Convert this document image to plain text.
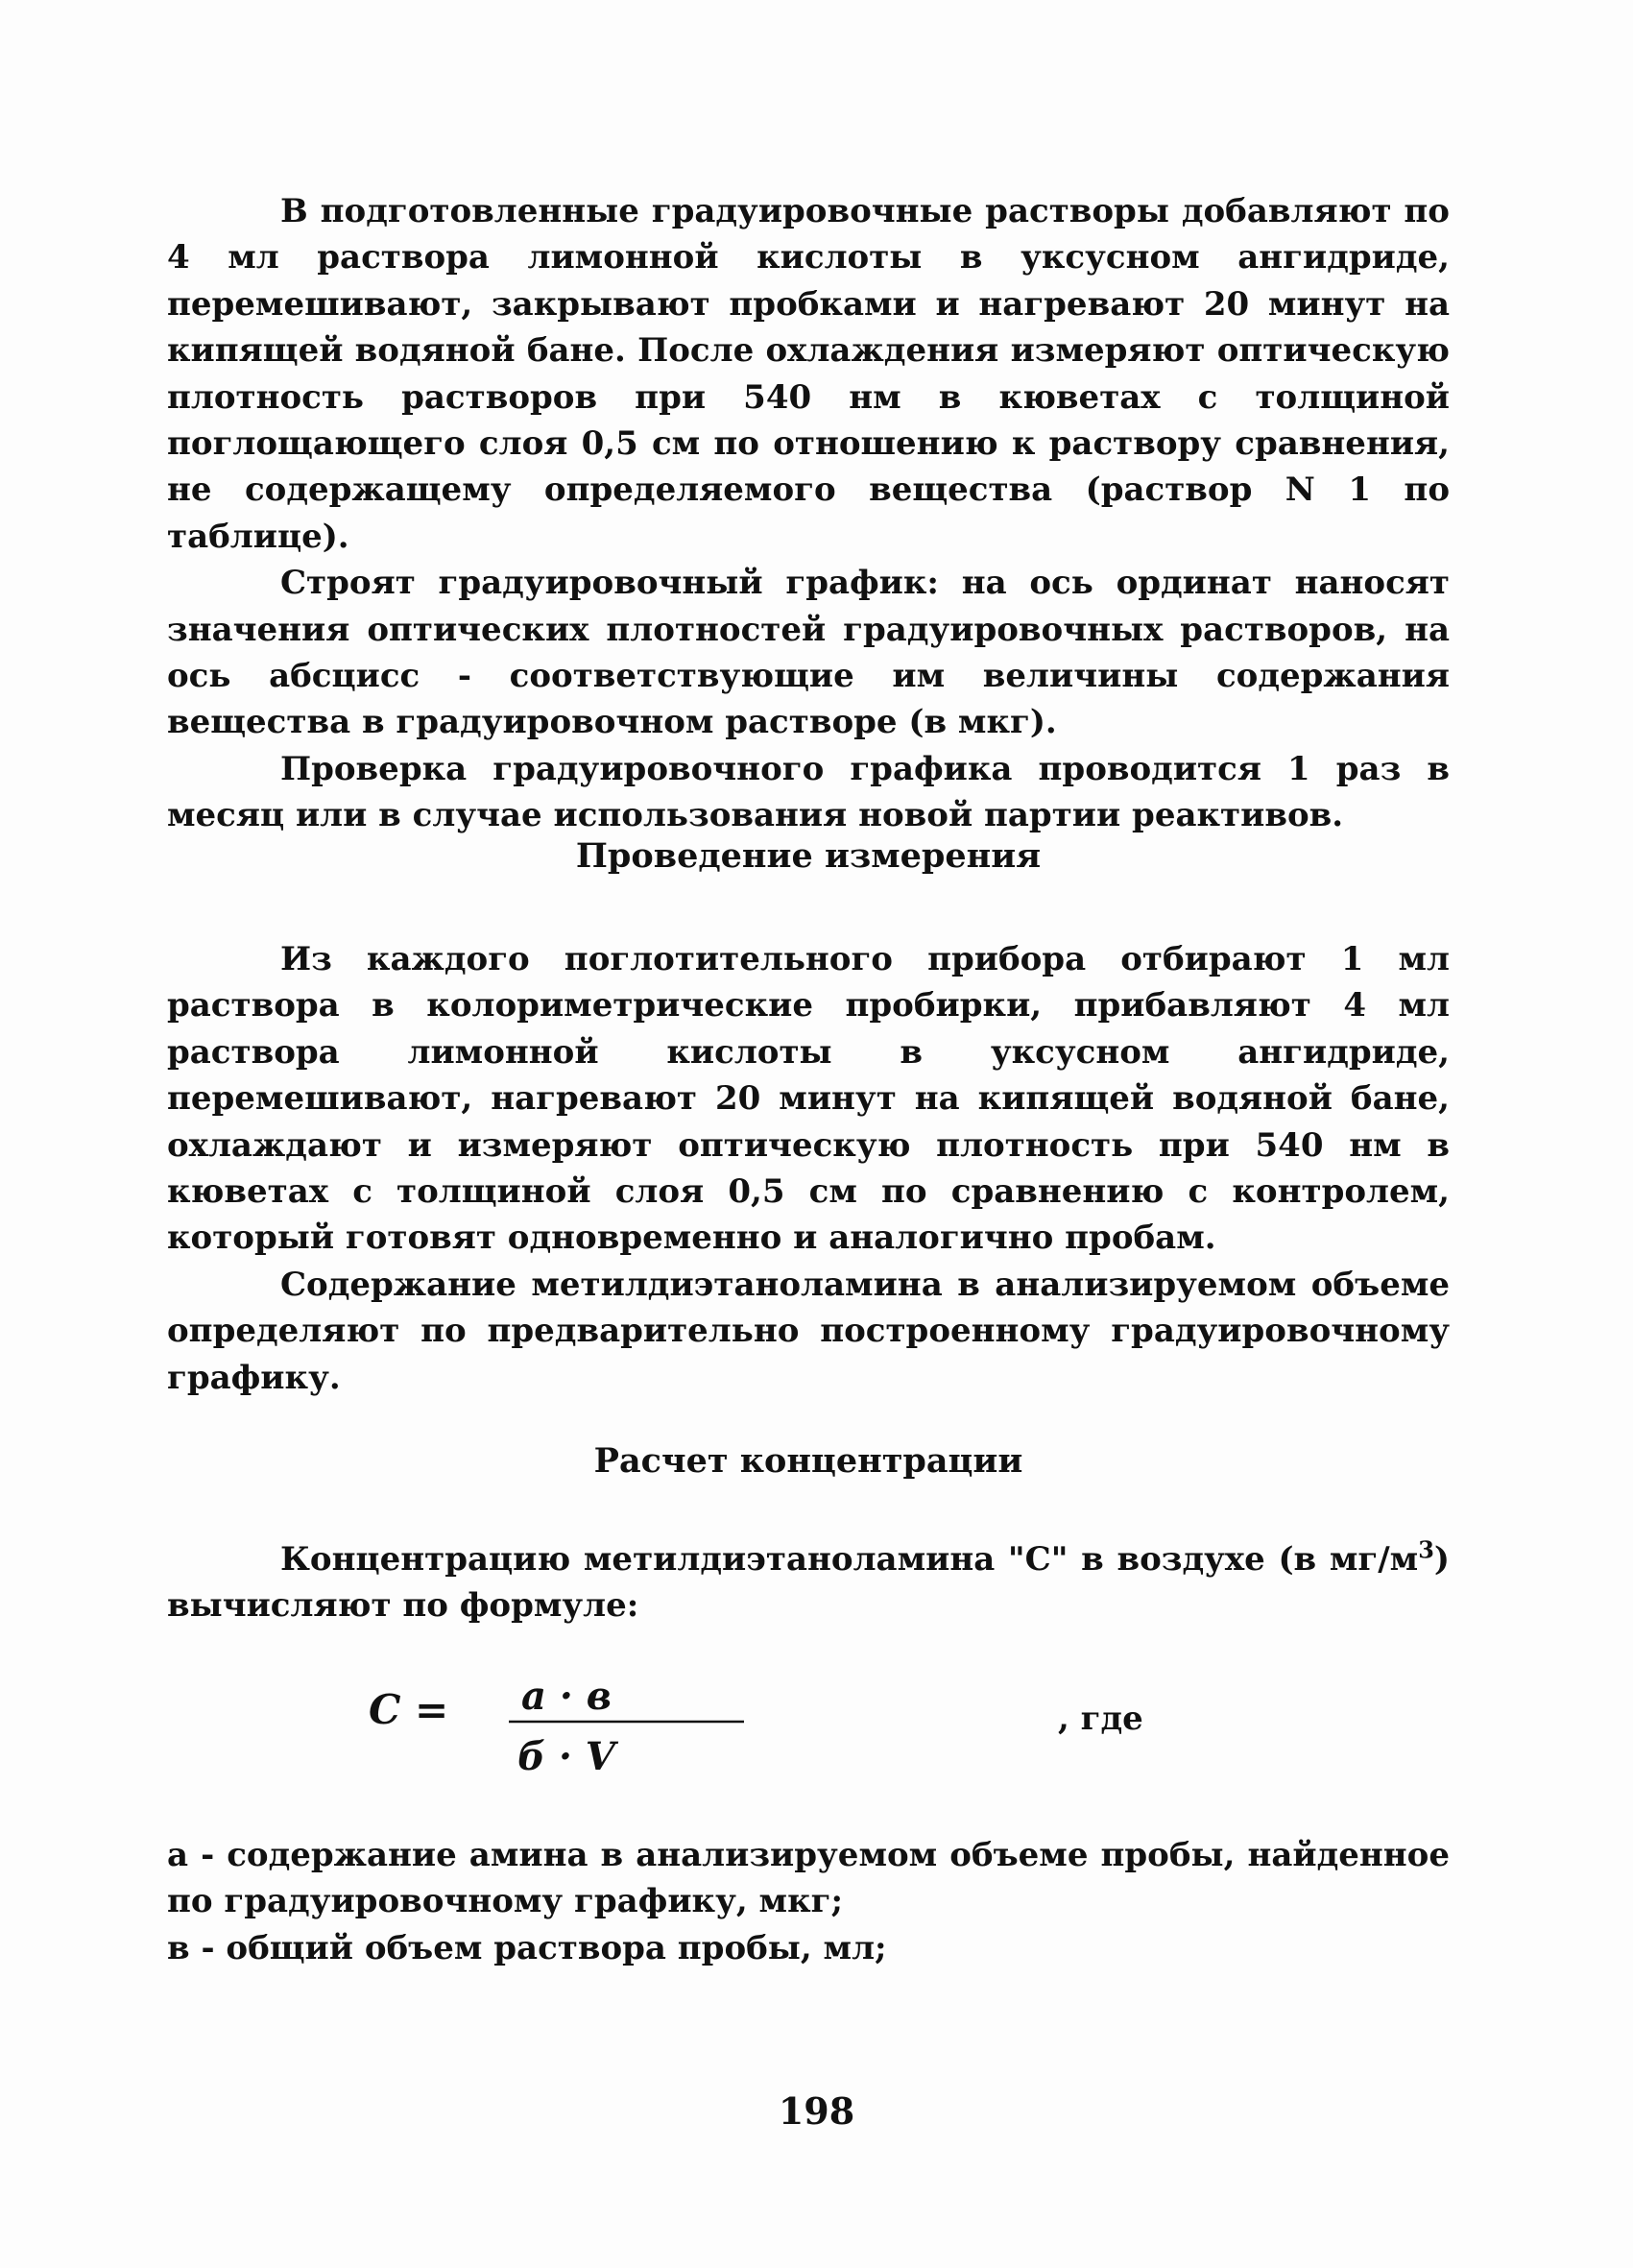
В подготовленные градуировочные растворы добавляют по 4 мл раствора лимонной кислоты в уксусном ангидриде, перемешивают, закрывают пробками и нагревают 20 минут на кипящей водяной бане. После охлаждения измеряют оптическую плотность растворов при 540 нм в кюветах с толщиной поглощающего слоя 0,5 см по отношению к раствору сравнения, не содержащему определяемого вещества (раствор N 1 по таблице).

Строят градуировочный график: на ось ординат наносят значения оптических плотностей градуировочных растворов, на ось абсцисс - соответствующие им величины содержания вещества в градуировочном растворе (в мкг).

Проверка градуировочного графика проводится 1 раз в месяц или в случае использования новой партии реактивов.

Проведение измерения

Из каждого поглотительного прибора отбирают 1 мл раствора в колориметрические пробирки, прибавляют 4 мл раствора лимонной кислоты в уксусном ангидриде, перемешивают, нагревают 20 минут на кипящей водяной бане, охлаждают и измеряют оптическую плотность при 540 нм в кюветах с толщиной слоя 0,5 см по сравнению с контролем, который готовят одновременно и аналогично пробам.

Содержание метилдиэтаноламина в анализируемом объеме определяют по предварительно построенному градуировочному графику.

Расчет концентрации

Концентрацию метилдиэтаноламина "С" в воздухе (в $мг/м^3$) вычисляют по формуле:

C = а · в
б · V
, где

а - содержание амина в анализируемом объеме пробы, найденное по градуировочному графику, мкг;

в - общий объем раствора пробы, мл;

198
